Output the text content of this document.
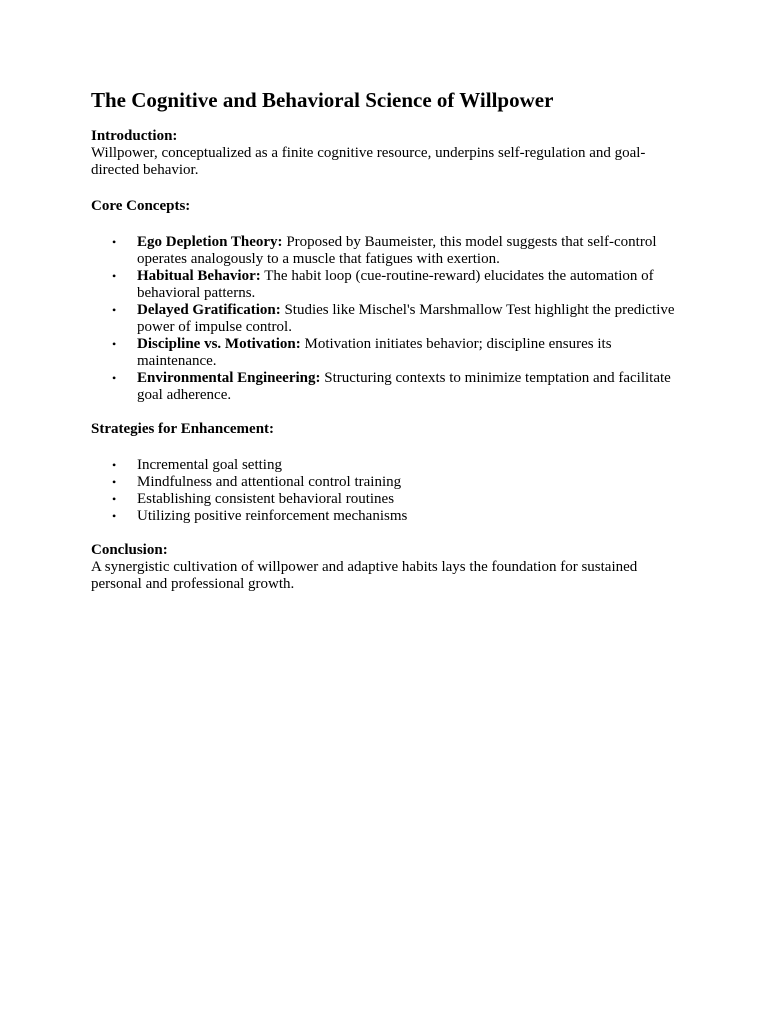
The Cognitive and Behavioral Science of Willpower

Introduction:

Willpower, conceptualized as a finite cognitive resource, underpins self-regulation and goal-directed behavior.

Core Concepts:

• Ego Depletion Theory: Proposed by Baumeister, this model suggests that self-control operates analogously to a muscle that fatigues with exertion.
• Habitual Behavior: The habit loop (cue-routine-reward) elucidates the automation of behavioral patterns.
• Delayed Gratification: Studies like Mischel's Marshmallow Test highlight the predictive power of impulse control.
• Discipline vs. Motivation: Motivation initiates behavior; discipline ensures its maintenance.
• Environmental Engineering: Structuring contexts to minimize temptation and facilitate goal adherence.

Strategies for Enhancement:

• Incremental goal setting
• Mindfulness and attentional control training
• Establishing consistent behavioral routines
• Utilizing positive reinforcement mechanisms

Conclusion:

A synergistic cultivation of willpower and adaptive habits lays the foundation for sustained personal and professional growth.
